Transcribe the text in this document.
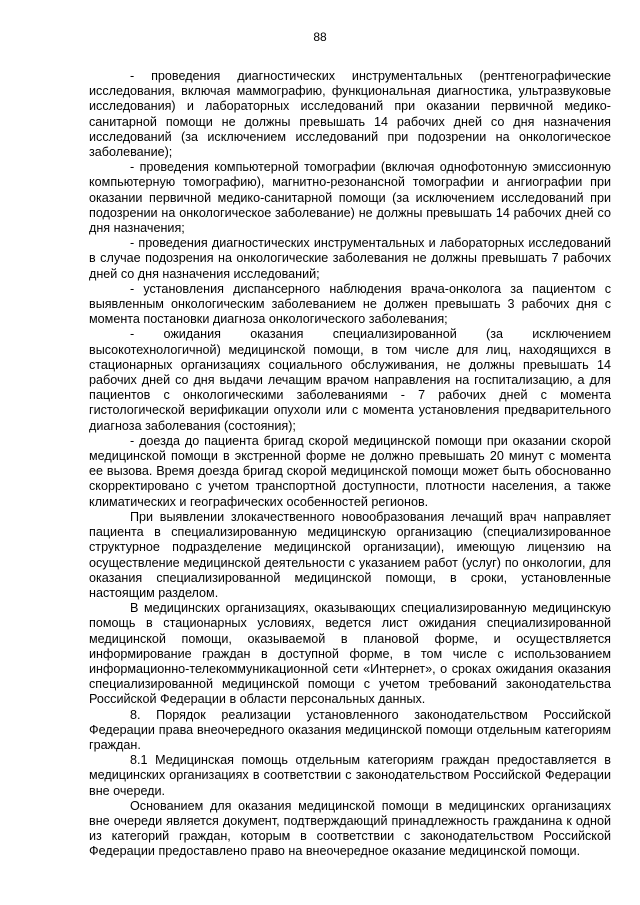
88

- проведения диагностических инструментальных (рентгенографические исследования, включая маммографию, функциональная диагностика, ультразвуковые исследования) и лабораторных исследований при оказании первичной медико-санитарной помощи не должны превышать 14 рабочих дней со дня назначения исследований (за исключением исследований при подозрении на онкологическое заболевание);

- проведения компьютерной томографии (включая однофотонную эмиссионную компьютерную томографию), магнитно-резонансной томографии и ангиографии при оказании первичной медико-санитарной помощи (за исключением исследований при подозрении на онкологическое заболевание) не должны превышать 14 рабочих дней со дня назначения;

- проведения диагностических инструментальных и лабораторных исследований в случае подозрения на онкологические заболевания не должны превышать 7 рабочих дней со дня назначения исследований;

- установления диспансерного наблюдения врача-онколога за пациентом с выявленным онкологическим заболеванием не должен превышать 3 рабочих дня с момента постановки диагноза онкологического заболевания;

- ожидания оказания специализированной (за исключением высокотехнологичной) медицинской помощи, в том числе для лиц, находящихся в стационарных организациях социального обслуживания, не должны превышать 14 рабочих дней со дня выдачи лечащим врачом направления на госпитализацию, а для пациентов с онкологическими заболеваниями - 7 рабочих дней с момента гистологической верификации опухоли или с момента установления предварительного диагноза заболевания (состояния);

- доезда до пациента бригад скорой медицинской помощи при оказании скорой медицинской помощи в экстренной форме не должно превышать 20 минут с момента ее вызова. Время доезда бригад скорой медицинской помощи может быть обоснованно скорректировано с учетом транспортной доступности, плотности населения, а также климатических и географических особенностей регионов.

При выявлении злокачественного новообразования лечащий врач направляет пациента в специализированную медицинскую организацию (специализированное структурное подразделение медицинской организации), имеющую лицензию на осуществление медицинской деятельности с указанием работ (услуг) по онкологии, для оказания специализированной медицинской помощи, в сроки, установленные настоящим разделом.

В медицинских организациях, оказывающих специализированную медицинскую помощь в стационарных условиях, ведется лист ожидания специализированной медицинской помощи, оказываемой в плановой форме, и осуществляется информирование граждан в доступной форме, в том числе с использованием информационно-телекоммуникационной сети «Интернет», о сроках ожидания оказания специализированной медицинской помощи с учетом требований законодательства Российской Федерации в области персональных данных.

8. Порядок реализации установленного законодательством Российской Федерации права внеочередного оказания медицинской помощи отдельным категориям граждан.

8.1 Медицинская помощь отдельным категориям граждан предоставляется в медицинских организациях в соответствии с законодательством Российской Федерации вне очереди.

Основанием для оказания медицинской помощи в медицинских организациях вне очереди является документ, подтверждающий принадлежность гражданина к одной из категорий граждан, которым в соответствии с законодательством Российской Федерации предоставлено право на внеочередное оказание медицинской помощи.
